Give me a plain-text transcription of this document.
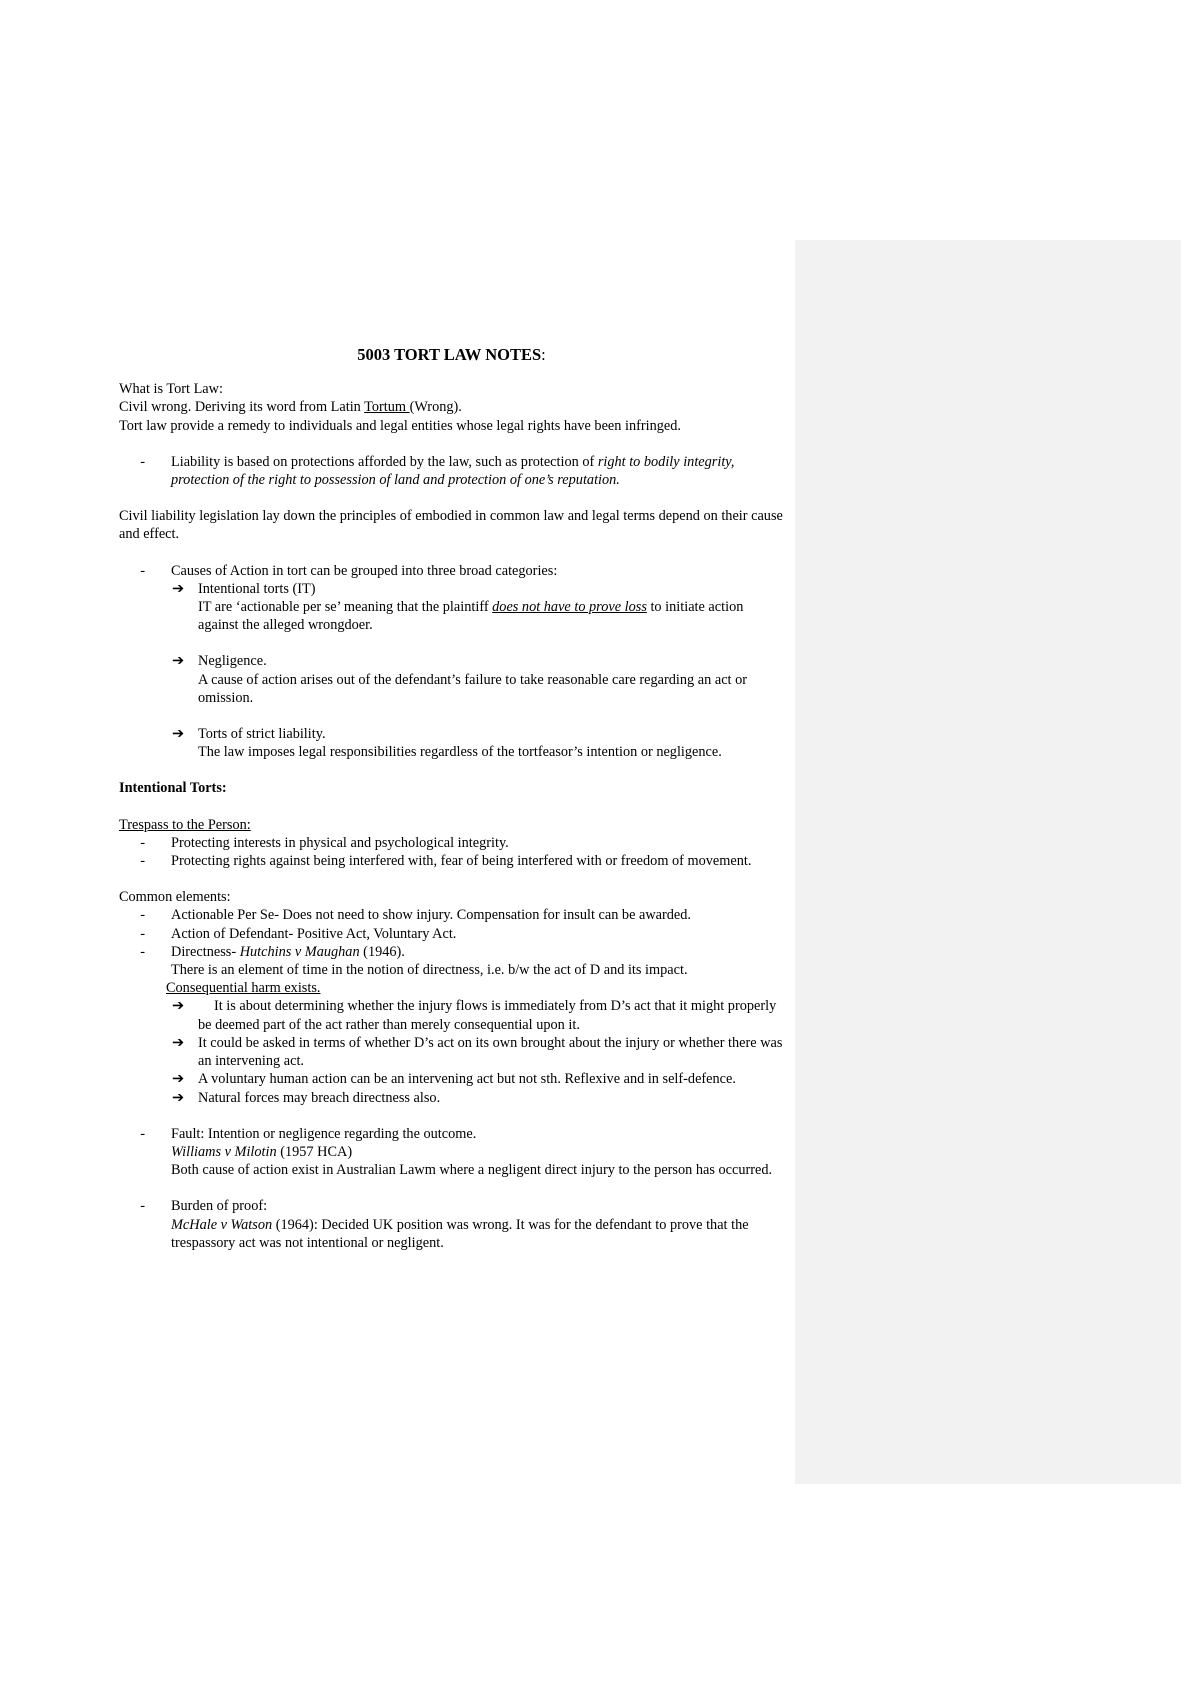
5003 TORT LAW NOTES:

What is Tort Law:

Civil wrong. Deriving its word from Latin Tortum (Wrong).

Tort law provide a remedy to individuals and legal entities whose legal rights have been infringed.

-	Liability is based on protections afforded by the law, such as protection of right to bodily integrity, protection of the right to possession of land and protection of one’s reputation.

Civil liability legislation lay down the principles of embodied in common law and legal terms depend on their cause and effect.

-	Causes of Action in tort can be grouped into three broad categories:
➔ Intentional torts (IT)

IT are ‘actionable per se’ meaning that the plaintiff does not have to prove loss to initiate action against the alleged wrongdoer.

➔ Negligence.

A cause of action arises out of the defendant’s failure to take reasonable care regarding an act or omission.

➔ Torts of strict liability.

The law imposes legal responsibilities regardless of the tortfeasor’s intention or negligence.

Intentional Torts:

Trespass to the Person:

-	Protecting interests in physical and psychological integrity.
-	Protecting rights against being interfered with, fear of being interfered with or freedom of movement.

Common elements:

-	Actionable Per Se- Does not need to show injury. Compensation for insult can be awarded.
-	Action of Defendant- Positive Act, Voluntary Act.
-	Directness- Hutchins v Maughan (1946).

There is an element of time in the notion of directness, i.e. b/w the act of D and its impact.

Consequential harm exists.

➔	It is about determining whether the injury flows is immediately from D’s act that it might properly be deemed part of the act rather than merely consequential upon it.
➔ It could be asked in terms of whether D’s act on its own brought about the injury or whether there was an intervening act.
➔ A voluntary human action can be an intervening act but not sth. Reflexive and in self-defence.
➔ Natural forces may breach directness also.
-	Fault: Intention or negligence regarding the outcome.
Williams v Milotin (1957 HCA)
Both cause of action exist in Australian Lawm where a negligent direct injury to the person has occurred.
-	Burden of proof:
McHale v Watson (1964): Decided UK position was wrong. It was for the defendant to prove that the trespassory act was not intentional or negligent.
